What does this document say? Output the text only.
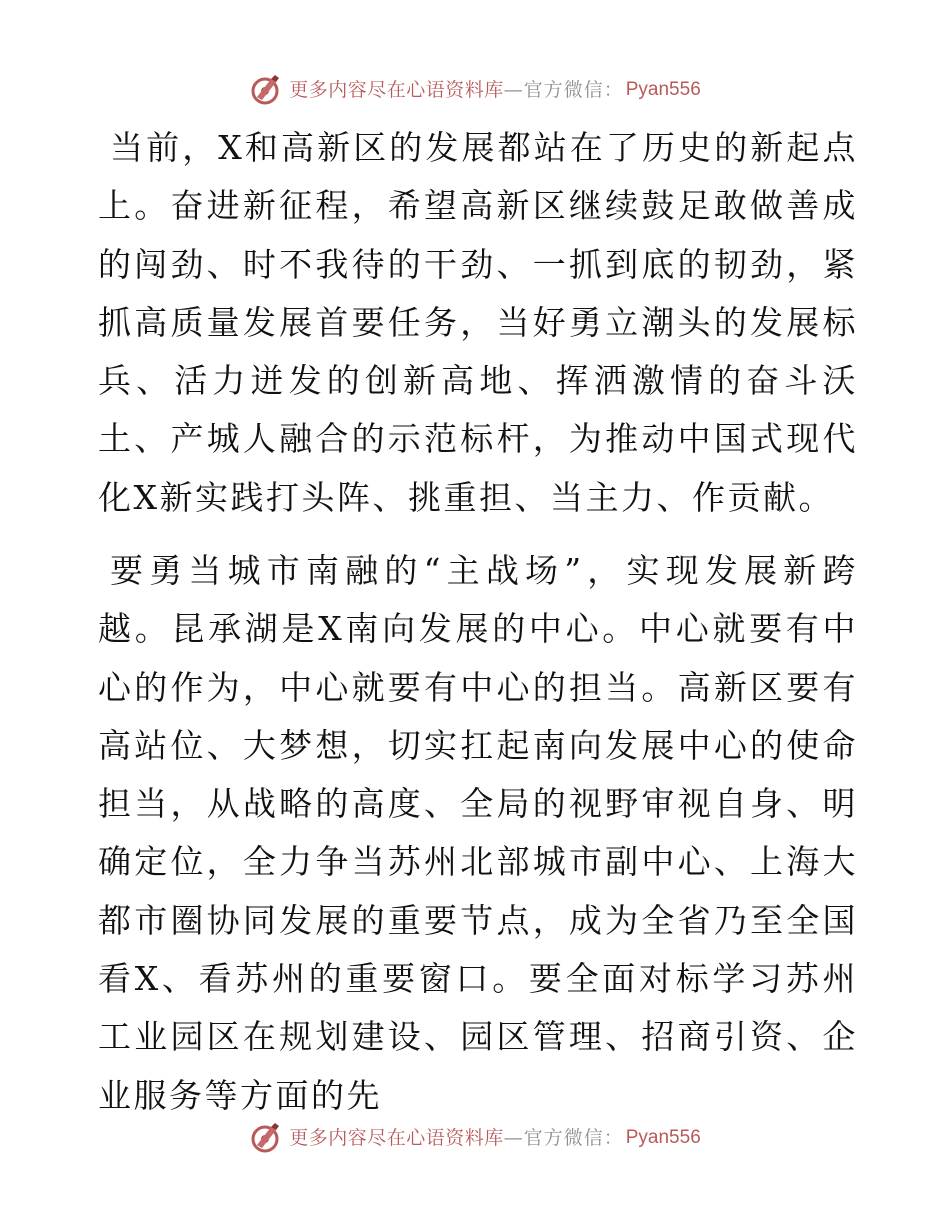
更多内容尽在心语资料库 —官方微信： Pyan556

当前，X和高新区的发展都站在了历史的新起点上。奋进新征程，希望高新区继续鼓足敢做善成的闯劲、时不我待的干劲、一抓到底的韧劲，紧抓高质量发展首要任务，当好勇立潮头的发展标兵、活力迸发的创新高地、挥洒激情的奋斗沃土、产城人融合的示范标杆，为推动中国式现代化X新实践打头阵、挑重担、当主力、作贡献。

要勇当城市南融的“主战场”，实现发展新跨越。昆承湖是X南向发展的中心。中心就要有中心的作为，中心就要有中心的担当。高新区要有高站位、大梦想，切实扛起南向发展中心的使命担当，从战略的高度、全局的视野审视自身、明确定位，全力争当苏州北部城市副中心、上海大都市圈协同发展的重要节点，成为全省乃至全国看X、看苏州的重要窗口。要全面对标学习苏州工业园区在规划建设、园区管理、招商引资、企业服务等方面的先

更多内容尽在心语资料库 —官方微信： Pyan556
